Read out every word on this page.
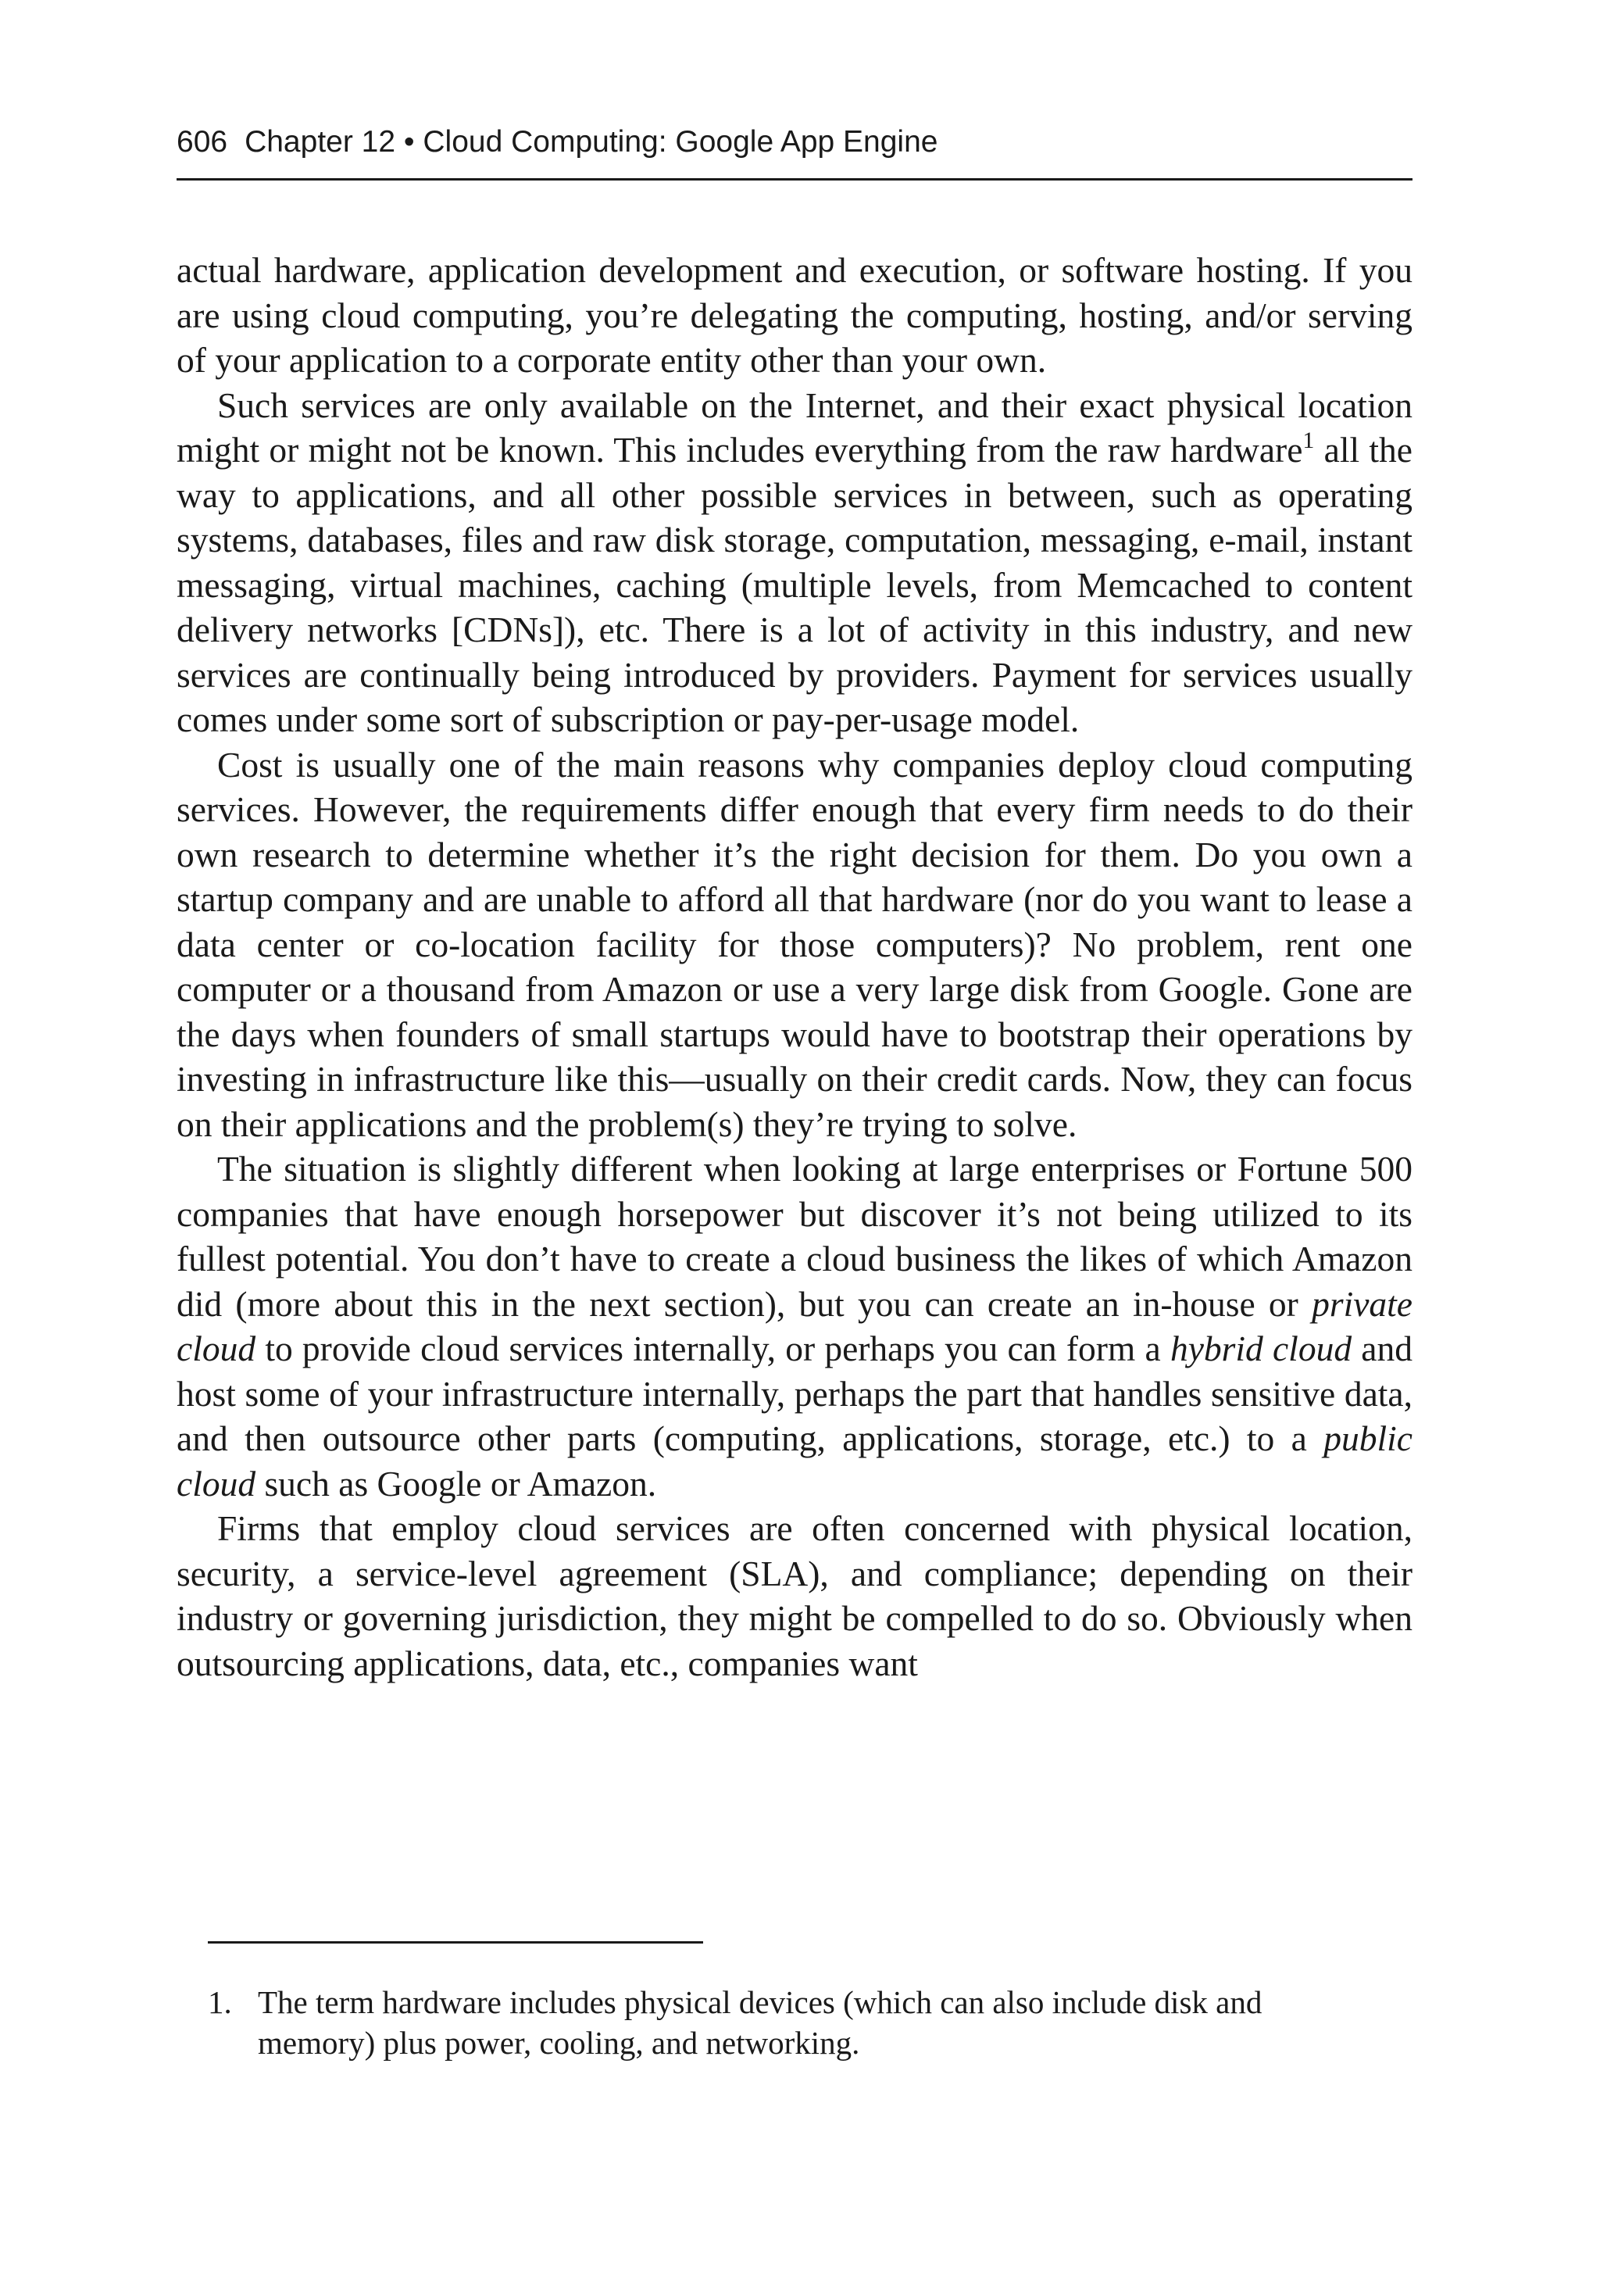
606 Chapter 12 • Cloud Computing: Google App Engine

actual hardware, application development and execution, or software hosting. If you are using cloud computing, you’re delegating the computing, hosting, and/or serving of your application to a corporate entity other than your own.

Such services are only available on the Internet, and their exact physical location might or might not be known. This includes everything from the raw hardware$^1$ all the way to applications, and all other possible services in between, such as operating systems, databases, files and raw disk storage, computation, messaging, e-mail, instant messaging, virtual machines, caching (multiple levels, from Memcached to content delivery networks [CDNs]), etc. There is a lot of activity in this industry, and new services are continually being introduced by providers. Payment for services usually comes under some sort of subscription or pay-per-usage model.

Cost is usually one of the main reasons why companies deploy cloud computing services. However, the requirements differ enough that every firm needs to do their own research to determine whether it’s the right decision for them. Do you own a startup company and are unable to afford all that hardware (nor do you want to lease a data center or co-location facility for those computers)? No problem, rent one computer or a thousand from Amazon or use a very large disk from Google. Gone are the days when founders of small startups would have to bootstrap their operations by investing in infrastructure like this—usually on their credit cards. Now, they can focus on their applications and the problem(s) they’re trying to solve.

The situation is slightly different when looking at large enterprises or Fortune 500 companies that have enough horsepower but discover it’s not being utilized to its fullest potential. You don’t have to create a cloud business the likes of which Amazon did (more about this in the next section), but you can create an in-house or private cloud to provide cloud services internally, or perhaps you can form a hybrid cloud and host some of your infrastructure internally, perhaps the part that handles sensitive data, and then outsource other parts (computing, applications, storage, etc.) to a public cloud such as Google or Amazon.

Firms that employ cloud services are often concerned with physical location, security, a service-level agreement (SLA), and compliance; depending on their industry or governing jurisdiction, they might be compelled to do so. Obviously when outsourcing applications, data, etc., companies want

1. The term hardware includes physical devices (which can also include disk and memory) plus power, cooling, and networking.
